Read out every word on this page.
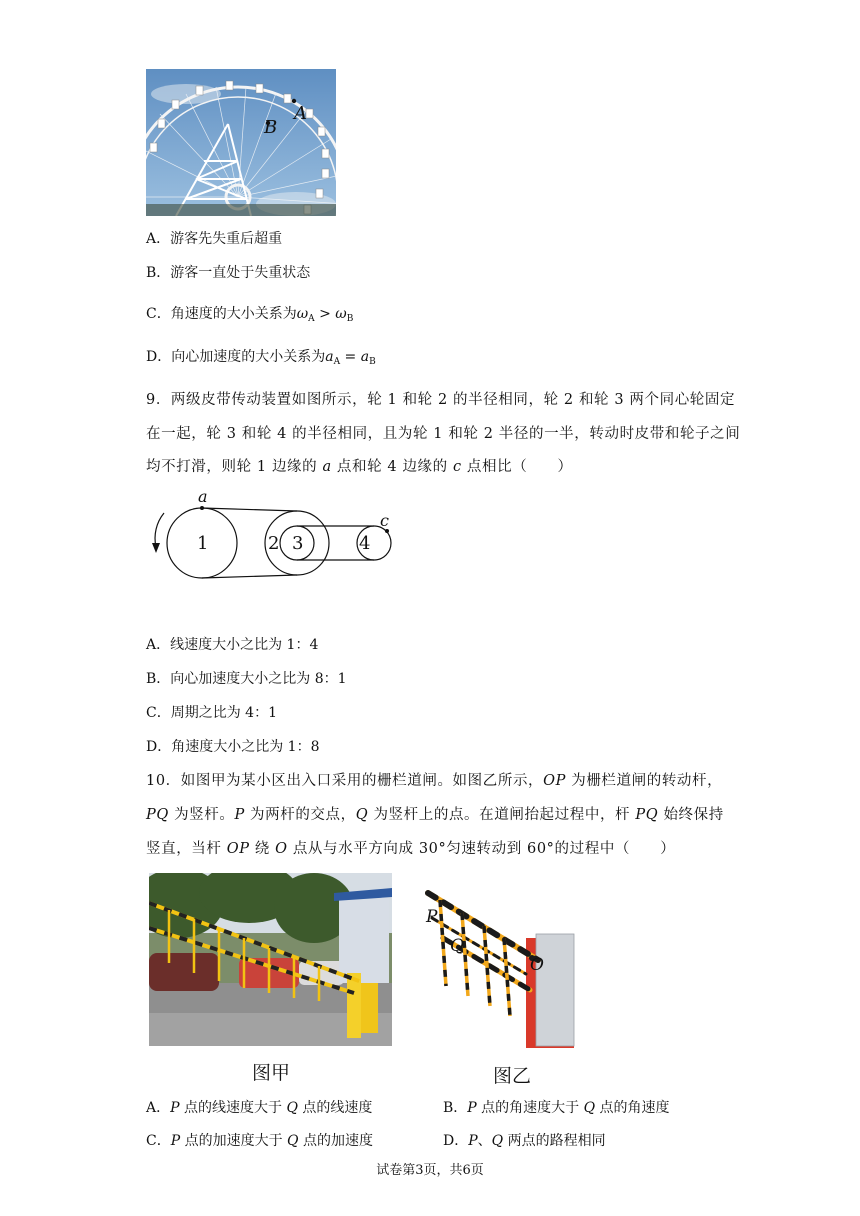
B
A
A．游客先失重后超重
B．游客一直处于失重状态
C．角速度的大小关系为$\omega_A > \omega_B$
D．向心加速度的大小关系为$a_A = a_B$
9．两级皮带传动装置如图所示，轮 1 和轮 2 的半径相同，轮 2 和轮 3 两个同心轮固定
在一起，轮 3 和轮 4 的半径相同，且为轮 1 和轮 2 半径的一半，转动时皮带和轮子之间
均不打滑，则轮 1 边缘的 a 点和轮 4 边缘的 c 点相比（　　）
a
c
1	2 3	4
A．线速度大小之比为 1：4
B．向心加速度大小之比为 8：1
C．周期之比为 4：1
D．角速度大小之比为 1：8
10．如图甲为某小区出入口采用的栅栏道闸。如图乙所示，OP 为栅栏道闸的转动杆，
PQ 为竖杆。P 为两杆的交点，Q 为竖杆上的点。在道闸抬起过程中，杆 PQ 始终保持
竖直，当杆 OP 绕 O 点从与水平方向成 30°匀速转动到 60°的过程中（　　）
P
Q
O
图甲	图乙
A．P 点的线速度大于 Q 点的线速度	B．P 点的角速度大于 Q 点的角速度
C．P 点的加速度大于 Q 点的加速度	D．P、Q 两点的路程相同
试卷第3页，共6页
